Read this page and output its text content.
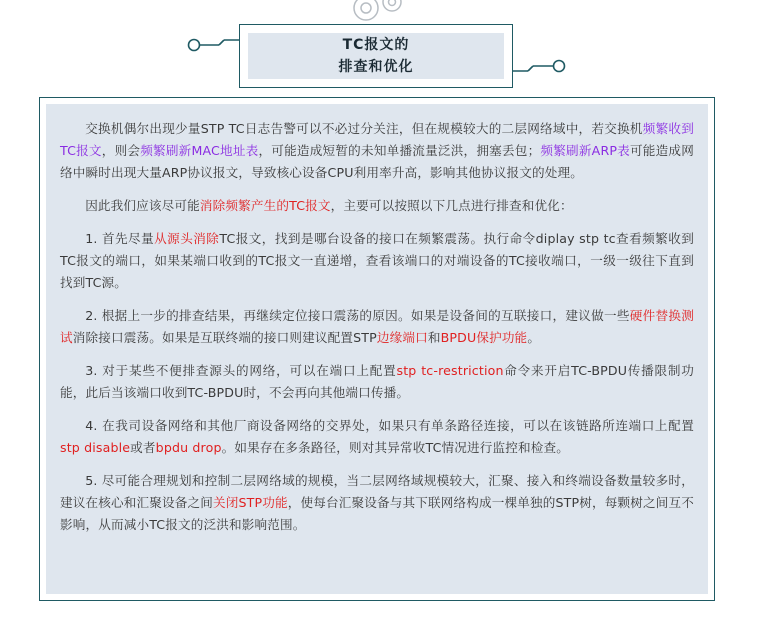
TC报文的
排查和优化

交换机偶尔出现少量STP TC日志告警可以不必过分关注，但在规模较大的二层网络域中，若交换机频繁收到TC报文，则会频繁刷新MAC地址表，可能造成短暂的未知单播流量泛洪，拥塞丢包；频繁刷新ARP表可能造成网络中瞬时出现大量ARP协议报文，导致核心设备CPU利用率升高，影响其他协议报文的处理。

因此我们应该尽可能消除频繁产生的TC报文，主要可以按照以下几点进行排查和优化：

1. 首先尽量从源头消除TC报文，找到是哪台设备的接口在频繁震荡。执行命令diplay stp tc查看频繁收到TC报文的端口，如果某端口收到的TC报文一直递增，查看该端口的对端设备的TC接收端口，一级一级往下直到找到TC源。

2. 根据上一步的排查结果，再继续定位接口震荡的原因。如果是设备间的互联接口，建议做一些硬件替换测试消除接口震荡。如果是互联终端的接口则建议配置STP边缘端口和BPDU保护功能。

3. 对于某些不便排查源头的网络，可以在端口上配置stp tc-restriction命令来开启TC-BPDU传播限制功能，此后当该端口收到TC-BPDU时，不会再向其他端口传播。

4. 在我司设备网络和其他厂商设备网络的交界处，如果只有单条路径连接，可以在该链路所连端口上配置stp disable或者bpdu drop。如果存在多条路径，则对其异常收TC情况进行监控和检查。

5. 尽可能合理规划和控制二层网络域的规模，当二层网络域规模较大，汇聚、接入和终端设备数量较多时，建议在核心和汇聚设备之间关闭STP功能，使每台汇聚设备与其下联网络构成一棵单独的STP树，每颗树之间互不影响，从而减小TC报文的泛洪和影响范围。
